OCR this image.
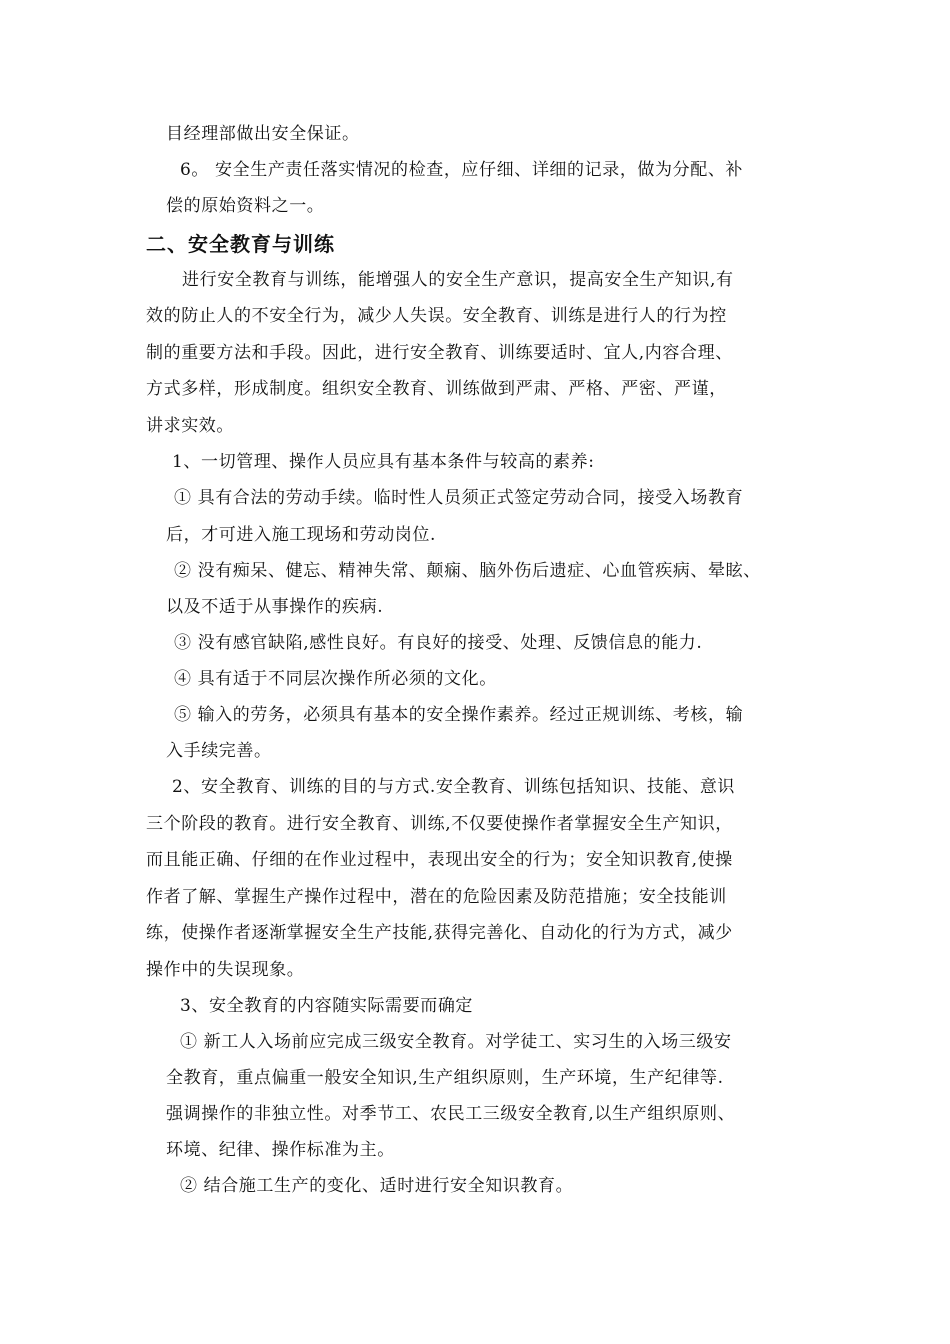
目经理部做出安全保证。
6。 安全生产责任落实情况的检查，应仔细、详细的记录，做为分配、补
偿的原始资料之一。
二、安全教育与训练
进行安全教育与训练，能增强人的安全生产意识，提高安全生产知识,有
效的防止人的不安全行为，减少人失误。安全教育、训练是进行人的行为控
制的重要方法和手段。因此，进行安全教育、训练要适时、宜人,内容合理、
方式多样，形成制度。组织安全教育、训练做到严肃、严格、严密、严谨，
讲求实效。
1、一切管理、操作人员应具有基本条件与较高的素养:
① 具有合法的劳动手续。临时性人员须正式签定劳动合同，接受入场教育
后，才可进入施工现场和劳动岗位.
② 没有痴呆、健忘、精神失常、颠痫、脑外伤后遗症、心血管疾病、晕眩、
以及不适于从事操作的疾病.
③ 没有感官缺陷,感性良好。有良好的接受、处理、反馈信息的能力.
④ 具有适于不同层次操作所必须的文化。
⑤ 输入的劳务，必须具有基本的安全操作素养。经过正规训练、考核，输
入手续完善。
2、安全教育、训练的目的与方式.安全教育、训练包括知识、技能、意识
三个阶段的教育。进行安全教育、训练,不仅要使操作者掌握安全生产知识，
而且能正确、仔细的在作业过程中，表现出安全的行为；安全知识教育,使操
作者了解、掌握生产操作过程中，潜在的危险因素及防范措施；安全技能训
练，使操作者逐渐掌握安全生产技能,获得完善化、自动化的行为方式，减少
操作中的失误现象。
3、安全教育的内容随实际需要而确定
① 新工人入场前应完成三级安全教育。对学徒工、实习生的入场三级安
全教育，重点偏重一般安全知识,生产组织原则，生产环境，生产纪律等.
强调操作的非独立性。对季节工、农民工三级安全教育,以生产组织原则、
环境、纪律、操作标准为主。
② 结合施工生产的变化、适时进行安全知识教育。
